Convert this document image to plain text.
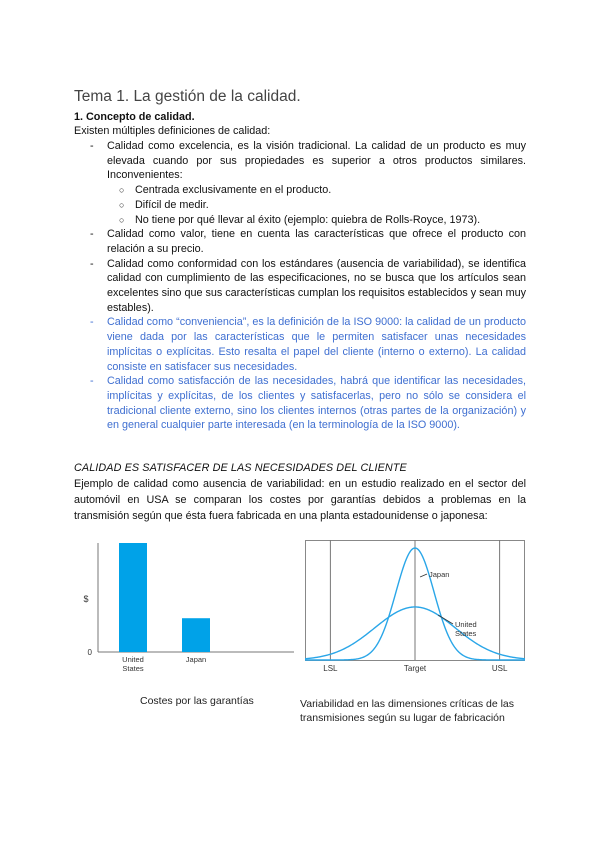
Tema 1. La gestión de la calidad.
1. Concepto de calidad.
Existen múltiples definiciones de calidad:
- Calidad como excelencia, es la visión tradicional. La calidad de un producto es muy elevada cuando por sus propiedades es superior a otros productos similares. Inconvenientes:
○ Centrada exclusivamente en el producto.
○ Difícil de medir.
○ No tiene por qué llevar al éxito (ejemplo: quiebra de Rolls-Royce, 1973).
- Calidad como valor, tiene en cuenta las características que ofrece el producto con relación a su precio.
- Calidad como conformidad con los estándares (ausencia de variabilidad), se identifica calidad con cumplimiento de las especificaciones, no se busca que los artículos sean excelentes sino que sus características cumplan los requisitos establecidos y sean muy estables).
- Calidad como “conveniencia”, es la definición de la ISO 9000: la calidad de un producto viene dada por las características que le permiten satisfacer unas necesidades implícitas o explícitas. Esto resalta el papel del cliente (interno o externo). La calidad consiste en satisfacer sus necesidades.
- Calidad como satisfacción de las necesidades, habrá que identificar las necesidades, implícitas y explícitas, de los clientes y satisfacerlas, pero no sólo se considera el tradicional cliente externo, sino los clientes internos (otras partes de la organización) y en general cualquier parte interesada (en la terminología de la ISO 9000).
CALIDAD ES SATISFACER DE LAS NECESIDADES DEL CLIENTE

Ejemplo de calidad como ausencia de variabilidad: en un estudio realizado en el sector del automóvil en USA se comparan los costes por garantías debidos a problemas en la transmisión según que ésta fuera fabricada en una planta estadounidense o japonesa:

$
0
United States
Japan
Costes por las garantías
LSL	Target	USL
Japan
United States
Variabilidad en las dimensiones críticas de las transmisiones según su lugar de fabricación
